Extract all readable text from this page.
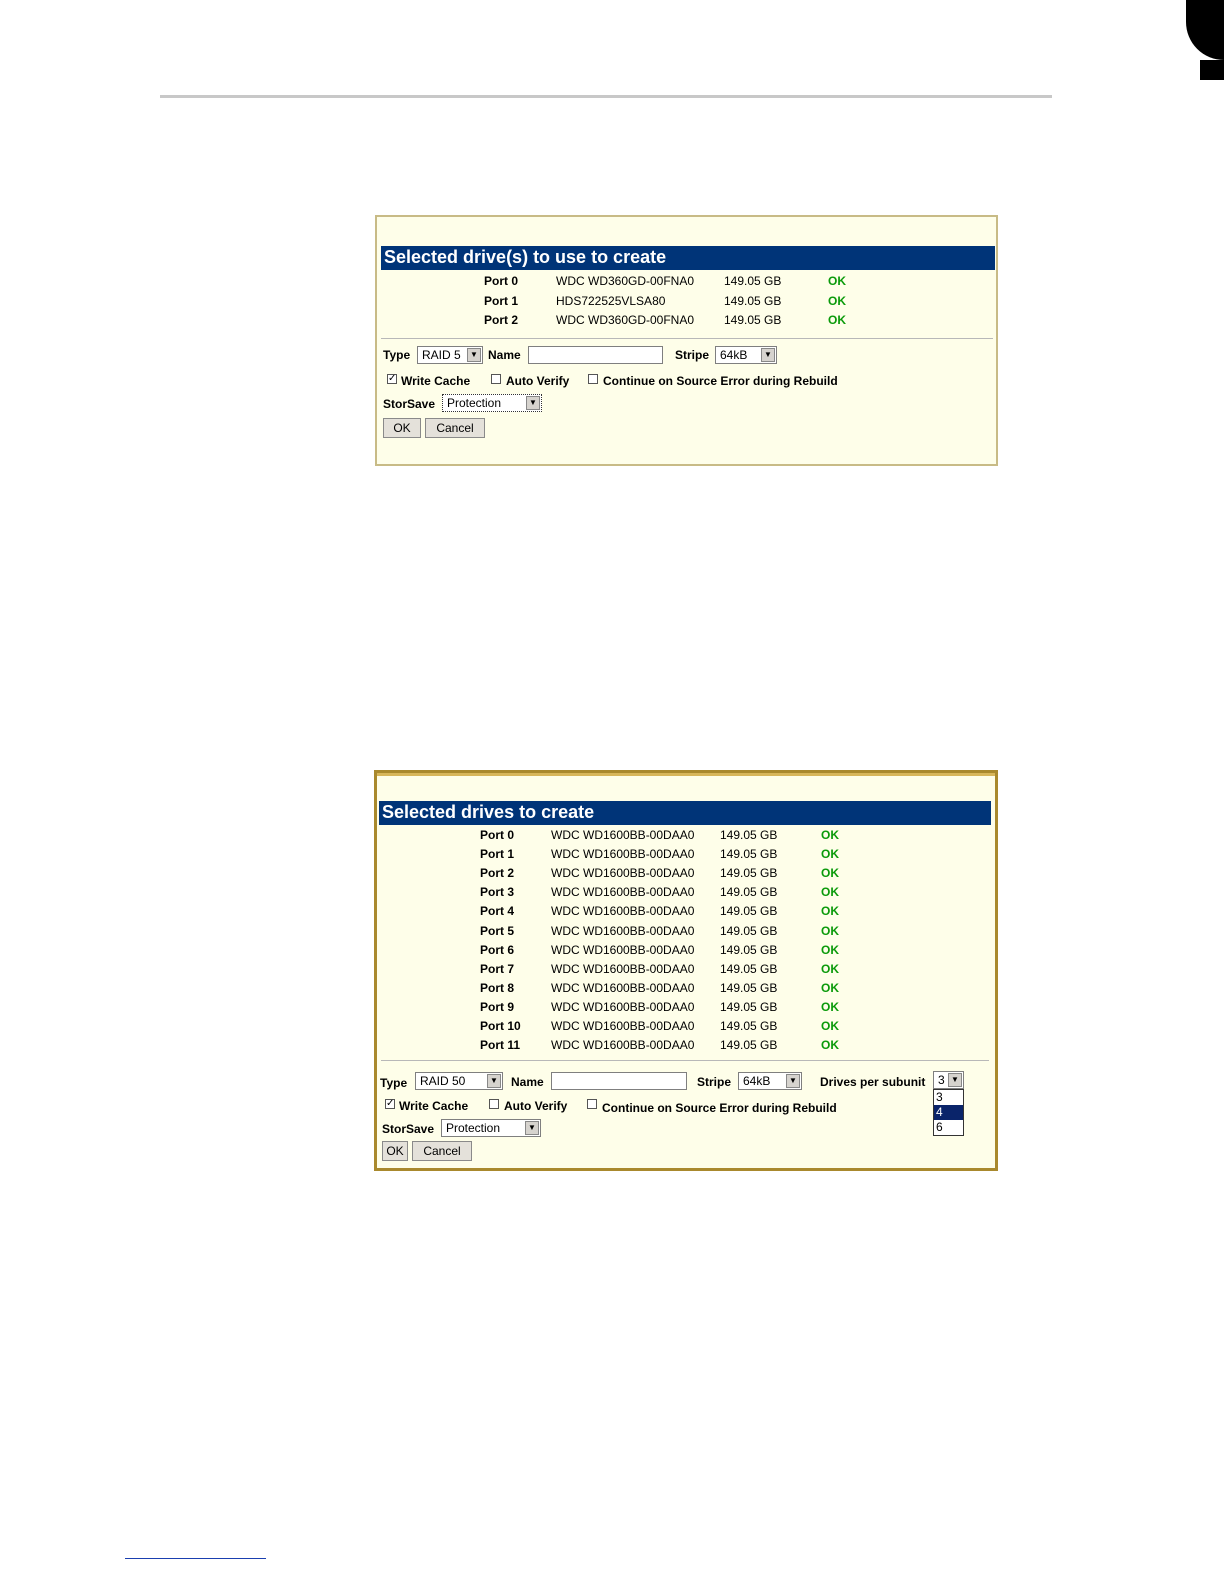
Selected drive(s) to use to create
Port 0	WDC WD360GD-00FNA0 149.05 GB	OK
Port 1	HDS722525VLSA80	149.05 GB	OK
Port 2	WDC WD360GD-00FNA0 149.05 GB	OK
Type RAID 5	▼ Name	Stripe 64kB	▼
✓ Write Cache	Auto Verify	Continue on Source Error during Rebuild
StorSave Protection	▼
OK	Cancel
Selected drives to create
Port 0	WDC WD1600BB-00DAA0 149.05 GB	OK
Port 1	WDC WD1600BB-00DAA0 149.05 GB	OK
Port 2	WDC WD1600BB-00DAA0 149.05 GB	OK
Port 3	WDC WD1600BB-00DAA0 149.05 GB	OK
Port 4	WDC WD1600BB-00DAA0 149.05 GB	OK
Port 5	WDC WD1600BB-00DAA0 149.05 GB	OK
Port 6	WDC WD1600BB-00DAA0 149.05 GB	OK
Port 7	WDC WD1600BB-00DAA0 149.05 GB	OK
Port 8	WDC WD1600BB-00DAA0 149.05 GB	OK
Port 9	WDC WD1600BB-00DAA0 149.05 GB	OK
Port 10	WDC WD1600BB-00DAA0 149.05 GB	OK
Port 11	WDC WD1600BB-00DAA0 149.05 GB	OK
Type	RAID 50	▼ Name	Stripe 64kB	▼ Drives per subunit	3 ▼
3
4
6
✓ Write Cache	Auto Verify	Continue on Source Error during Rebuild
StorSave Protection	▼
OK	Cancel
